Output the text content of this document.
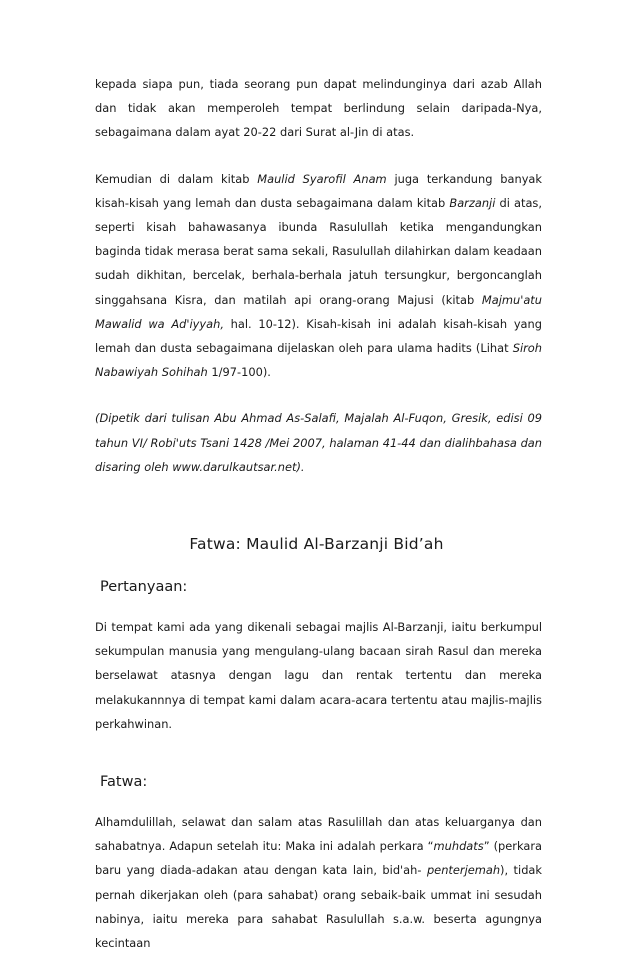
kepada siapa pun, tiada seorang pun dapat melindunginya dari azab Allah dan tidak akan memperoleh tempat berlindung selain daripada-Nya, sebagaimana dalam ayat 20-22 dari Surat al-Jin di atas.

Kemudian di dalam kitab Maulid Syarofil Anam juga terkandung banyak kisah-kisah yang lemah dan dusta sebagaimana dalam kitab Barzanji di atas, seperti kisah bahawasanya ibunda Rasulullah ketika mengandungkan baginda tidak merasa berat sama sekali, Rasulullah dilahirkan dalam keadaan sudah dikhitan, bercelak, berhala-berhala jatuh tersungkur, bergoncanglah singgahsana Kisra, dan matilah api orang-orang Majusi (kitab Majmu'atu Mawalid wa Ad'iyyah, hal. 10-12). Kisah-kisah ini adalah kisah-kisah yang lemah dan dusta sebagaimana dijelaskan oleh para ulama hadits (Lihat Siroh Nabawiyah Sohihah 1/97-100).

(Dipetik dari tulisan Abu Ahmad As-Salafi, Majalah Al-Fuqon, Gresik, edisi 09 tahun VI/ Robi'uts Tsani 1428 /Mei 2007, halaman 41-44 dan dialihbahasa dan disaring oleh www.darulkautsar.net).

Fatwa: Maulid Al-Barzanji Bid’ah
Pertanyaan:

Di tempat kami ada yang dikenali sebagai majlis Al-Barzanji, iaitu berkumpul sekumpulan manusia yang mengulang-ulang bacaan sirah Rasul dan mereka berselawat atasnya dengan lagu dan rentak tertentu dan mereka melakukannnya di tempat kami dalam acara-acara tertentu atau majlis-majlis perkahwinan.

Fatwa:

Alhamdulillah, selawat dan salam atas Rasulillah dan atas keluarganya dan sahabatnya. Adapun setelah itu: Maka ini adalah perkara “muhdats” (perkara baru yang diada-adakan atau dengan kata lain, bid'ah- penterjemah), tidak pernah dikerjakan oleh (para sahabat) orang sebaik-baik ummat ini sesudah nabinya, iaitu mereka para sahabat Rasulullah s.a.w. beserta agungnya kecintaan
